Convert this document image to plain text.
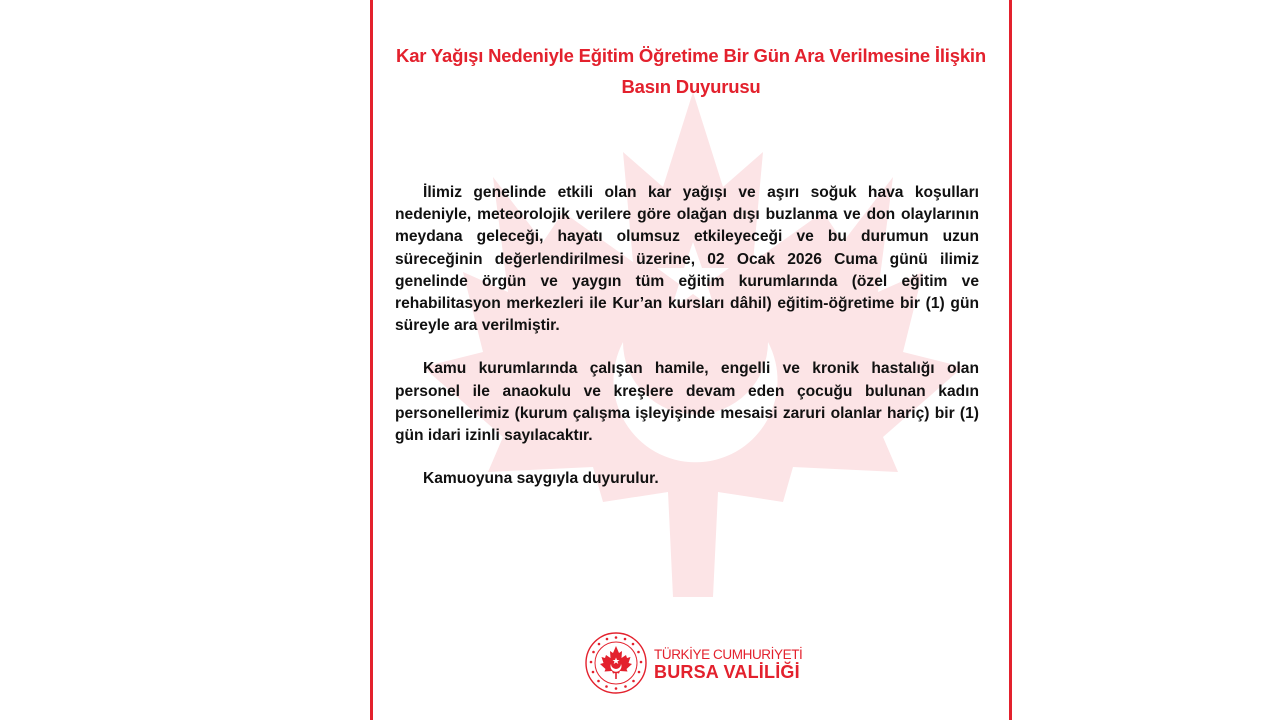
Kar Yağışı Nedeniyle Eğitim Öğretime Bir Gün Ara Verilmesine İlişkin
Basın Duyurusu

İlimiz genelinde etkili olan kar yağışı ve aşırı soğuk hava koşulları nedeniyle, meteorolojik verilere göre olağan dışı buzlanma ve don olaylarının meydana geleceği, hayatı olumsuz etkileyeceği ve bu durumun uzun süreceğinin değerlendirilmesi üzerine, 02 Ocak 2026 Cuma günü ilimiz genelinde örgün ve yaygın tüm eğitim kurumlarında (özel eğitim ve rehabilitasyon merkezleri ile Kur’an kursları dâhil) eğitim-öğretime bir (1) gün süreyle ara verilmiştir.

Kamu kurumlarında çalışan hamile, engelli ve kronik hastalığı olan personel ile anaokulu ve kreşlere devam eden çocuğu bulunan kadın personellerimiz (kurum çalışma işleyişinde mesaisi zaruri olanlar hariç) bir (1) gün idari izinli sayılacaktır.

Kamuoyuna saygıyla duyurulur.

TÜRKİYE CUMHURİYETİ
BURSA VALİLİĞİ
